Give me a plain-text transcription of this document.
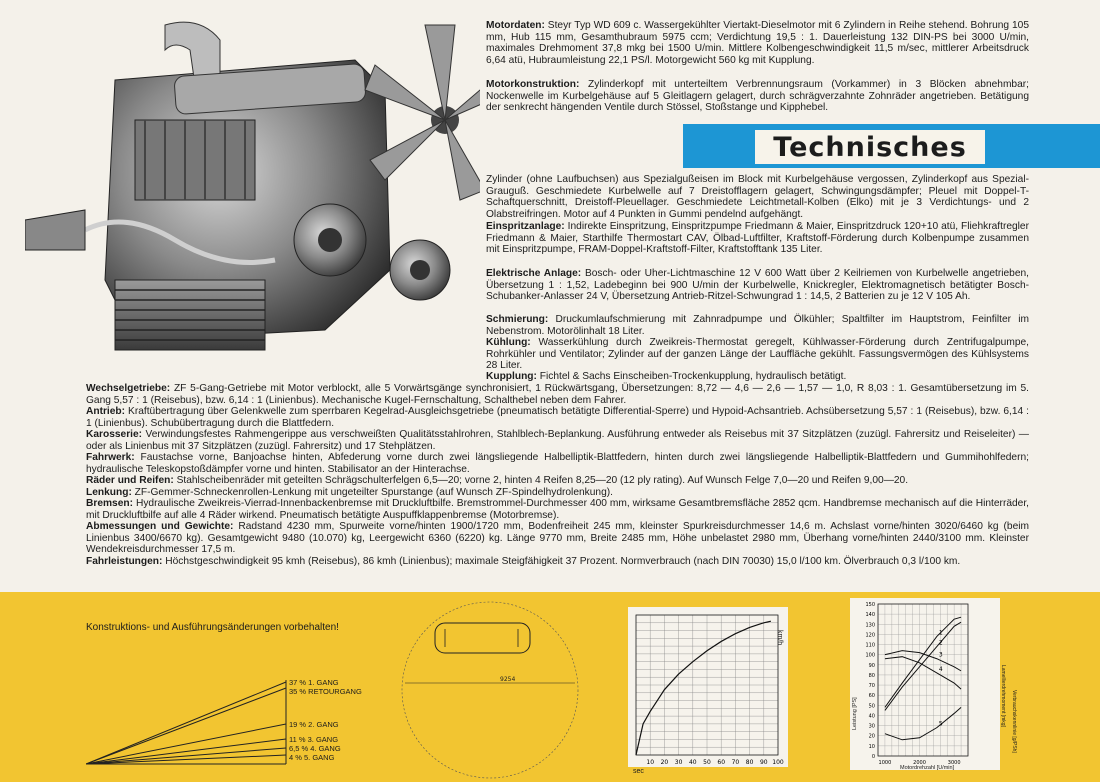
Technisches

Motordaten: Steyr Typ WD 609 c. Wassergekühlter Viertakt-Dieselmotor mit 6 Zylindern in Reihe stehend. Bohrung 105 mm, Hub 115 mm, Gesamthubraum 5975 ccm; Verdichtung 19,5 : 1. Dauerleistung 132 DIN-PS bei 3000 U/min, maximales Drehmoment 37,8 mkg bei 1500 U/min. Mittlere Kolbengeschwindigkeit 11,5 m/sec, mittlerer Arbeitsdruck 6,64 atü, Hubraumleistung 22,1 PS/l. Motorgewicht 560 kg mit Kupplung.

Motorkonstruktion: Zylinderkopf mit unterteiltem Verbrennungsraum (Vorkammer) in 3 Blöcken abnehmbar; Nockenwelle im Kurbelgehäuse auf 5 Gleitlagern gelagert, durch schrägverzahnte Zohnräder angetrieben. Betätigung der senkrecht hängenden Ventile durch Stössel, Stoßstange und Kipphebel.

Zylinder (ohne Laufbuchsen) aus Spezialgußeisen im Block mit Kurbelgehäuse vergossen, Zylinderkopf aus Spezial-Grauguß. Geschmiedete Kurbelwelle auf 7 Dreistofflagern gelagert, Schwingungsdämpfer; Pleuel mit Doppel-T-Schaftquerschnitt, Dreistoff-Pleuellager. Geschmiedete Leichtmetall-Kolben (Elko) mit je 3 Verdichtungs- und 2 Olabstreifringen. Motor auf 4 Punkten in Gummi pendelnd aufgehängt.

Einspritzanlage: Indirekte Einspritzung, Einspritzpumpe Friedmann & Maier, Einspritzdruck 120+10 atü, Fliehkraftregler Friedmann & Maier, Starthilfe Thermostart CAV, Ölbad-Luftfilter, Kraftstoff-Förderung durch Kolbenpumpe zusammen mit Einspritzpumpe, FRAM-Doppel-Kraftstoff-Filter, Kraftstofftank 135 Liter.

Elektrische Anlage: Bosch- oder Uher-Lichtmaschine 12 V 600 Watt über 2 Keilriemen von Kurbelwelle angetrieben, Übersetzung 1 : 1,52, Ladebeginn bei 900 U/min der Kurbelwelle, Knickregler, Elektromagnetisch betätigter Bosch-Schubanker-Anlasser 24 V, Übersetzung Antrieb-Ritzel-Schwungrad 1 : 14,5, 2 Batterien zu je 12 V 105 Ah.

Schmierung: Druckumlaufschmierung mit Zahnradpumpe und Ölkühler; Spaltfilter im Hauptstrom, Feinfilter im Nebenstrom. Motorölinhalt 18 Liter.

Kühlung: Wasserkühlung durch Zweikreis-Thermostat geregelt, Kühlwasser-Förderung durch Zentrifugalpumpe, Rohrkühler und Ventilator; Zylinder auf der ganzen Länge der Lauffläche gekühlt. Fassungsvermögen des Kühlsystems 28 Liter.

Kupplung: Fichtel & Sachs Einscheiben-Trockenkupplung, hydraulisch betätigt.

Wechselgetriebe: ZF 5-Gang-Getriebe mit Motor verblockt, alle 5 Vorwärtsgänge synchronisiert, 1 Rückwärtsgang, Übersetzungen: 8,72 — 4,6 — 2,6 — 1,57 — 1,0, R 8,03 : 1. Gesamtübersetzung im 5. Gang 5,57 : 1 (Reisebus), bzw. 6,14 : 1 (Linienbus). Mechanische Kugel-Fernschaltung, Schalthebel neben dem Fahrer.

Antrieb: Kraftübertragung über Gelenkwelle zum sperrbaren Kegelrad-Ausgleichsgetriebe (pneumatisch betätigte Differential-Sperre) und Hypoid-Achsantrieb. Achsübersetzung 5,57 : 1 (Reisebus), bzw. 6,14 : 1 (Linienbus). Schubübertragung durch die Blattfedern.

Karosserie: Verwindungsfestes Rahmengerippe aus verschweißten Qualitätsstahlrohren, Stahlblech-Beplankung. Ausführung entweder als Reisebus mit 37 Sitzplätzen (zuzügl. Fahrersitz und Reiseleiter) — oder als Linienbus mit 37 Sitzplätzen (zuzügl. Fahrersitz) und 17 Stehplätzen.

Fahrwerk: Faustachse vorne, Banjoachse hinten, Abfederung vorne durch zwei längsliegende Halbelliptik-Blattfedern, hinten durch zwei längsliegende Halbelliptik-Blattfedern und Gummihohlfedern; hydraulische Teleskopstoßdämpfer vorne und hinten. Stabilisator an der Hinterachse.

Räder und Reifen: Stahlscheibenräder mit geteilten Schrägschulterfelgen 6,5—20; vorne 2, hinten 4 Reifen 8,25—20 (12 ply rating). Auf Wunsch Felge 7,0—20 und Reifen 9,00—20.

Lenkung: ZF-Gemmer-Schneckenrollen-Lenkung mit ungeteilter Spurstange (auf Wunsch ZF-Spindelhydrolenkung).

Bremsen: Hydraulische Zweikreis-Vierrad-Innenbackenbremse mit Druckluftbilfe. Bremstrommel-Durchmesser 400 mm, wirksame Gesamtbremsfläche 2852 qcm. Handbremse mechanisch auf die Hinterräder, mit Druckluftbilfe auf alle 4 Räder wirkend. Pneumatisch betätigte Auspuffklappenbremse (Motorbremse).

Abmessungen und Gewichte: Radstand 4230 mm, Spurweite vorne/hinten 1900/1720 mm, Bodenfreiheit 245 mm, kleinster Spurkreisdurchmesser 14,6 m. Achslast vorne/hinten 3020/6460 kg (beim Linienbus 3400/6670 kg). Gesamtgewicht 9480 (10.070) kg, Leergewicht 6360 (6220) kg. Länge 9770 mm, Breite 2485 mm, Höhe unbelastet 2980 mm, Überhang vorne/hinten 2440/3100 mm. Kleinster Wendekreisdurchmesser 17,5 m.

Fahrleistungen: Höchstgeschwindigkeit 95 kmh (Reisebus), 86 kmh (Linienbus); maximale Steigfähigkeit 37 Prozent. Normverbrauch (nach DIN 70030) 15,0 l/100 km. Ölverbrauch 0,3 l/100 km.

Konstruktions- und Ausführungsänderungen vorbehalten!

37 % 1. GANG
35 % RETOURGANG
19 % 2. GANG
11 % 3. GANG
6,5 % 4. GANG
4 % 5. GANG
9254
10 20 30 40 50 60 70 80 90 100
sec
km/h
0
10
20
30
40
50
60
70
80
90
100
110
120
130
140
150
1000	2000	3000
1
2
3
4
5
Motordrehzahl [U/min]
Leistung [PS]	Lamellierdrehmoment [mkg] Verbrauchskennlinie [g/PSh]
